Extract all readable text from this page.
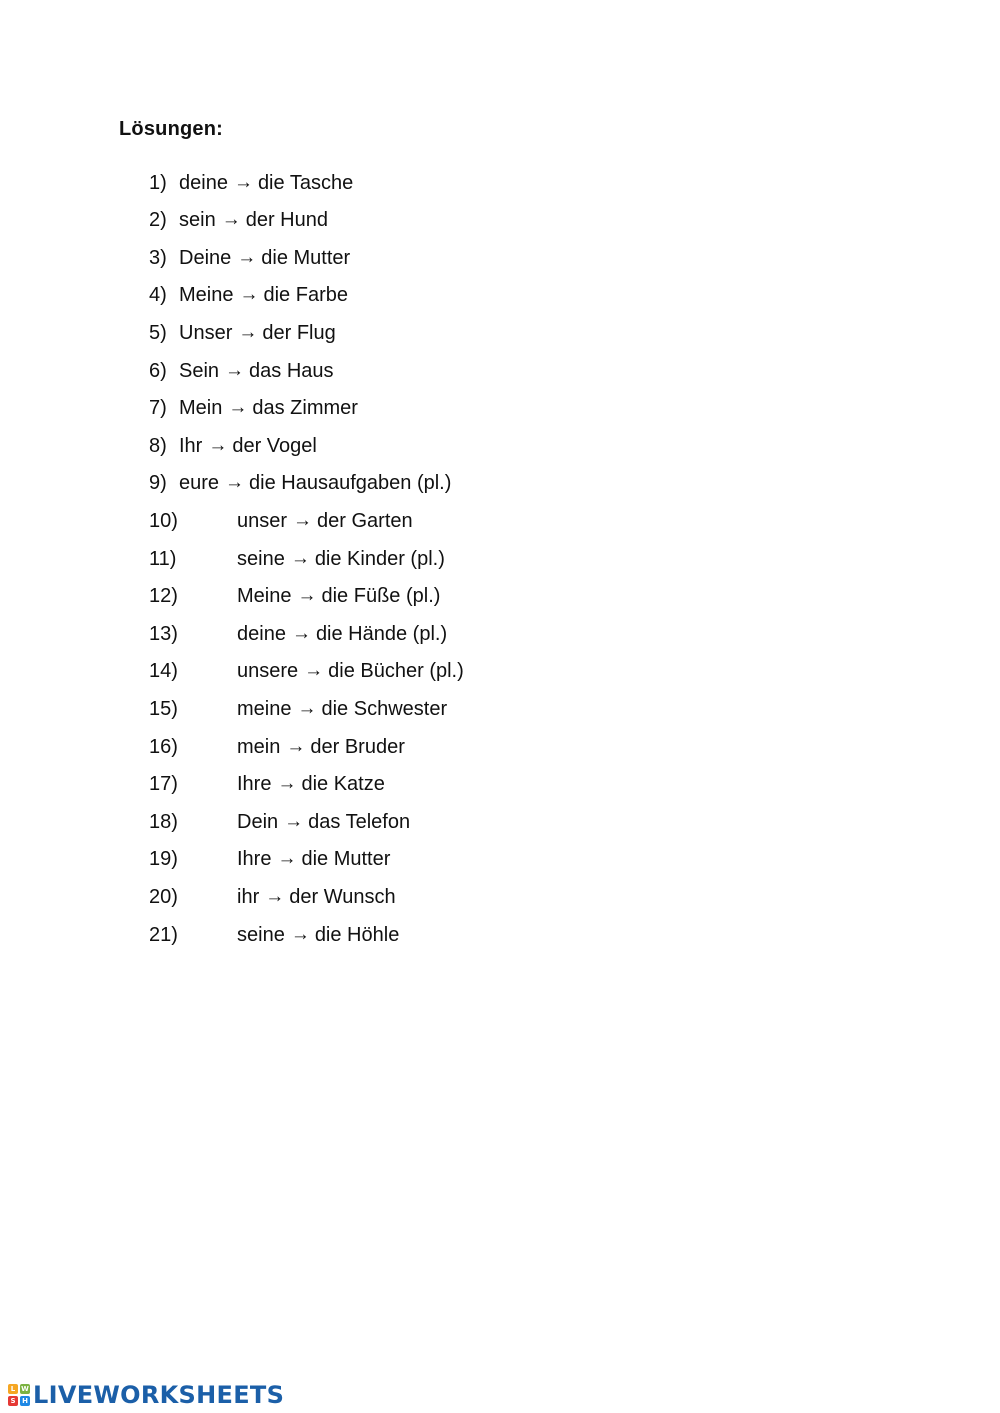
Lösungen:
1) deine → die Tasche
2) sein → der Hund
3) Deine → die Mutter
4) Meine → die Farbe
5) Unser → der Flug
6) Sein → das Haus
7) Mein → das Zimmer
8) Ihr → der Vogel
9) eure → die Hausaufgaben (pl.)
10)	unser → der Garten
11)	seine → die Kinder (pl.)
12)	Meine → die Füße (pl.)
13)	deine → die Hände (pl.)
14)	unsere → die Bücher (pl.)
15)	meine → die Schwester
16)	mein → der Bruder
17)	Ihre → die Katze
18)	Dein → das Telefon
19)	Ihre → die Mutter
20)	ihr → der Wunsch
21)	seine → die Höhle
L W
S H LIVEWORKSHEETS
